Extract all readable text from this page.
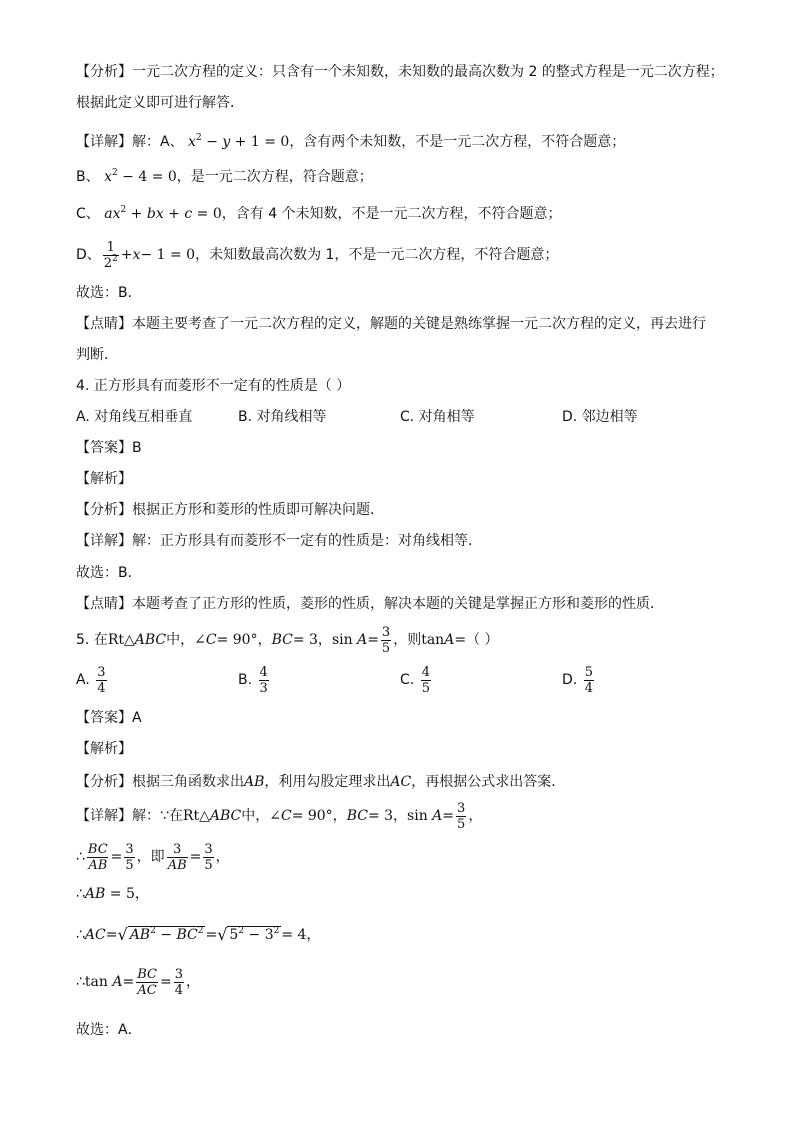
【分析】一元二次方程的定义：只含有一个未知数，未知数的最高次数为 2 的整式方程是一元二次方程；
根据此定义即可进行解答．
【详解】解：A、 $x^2 - y + 1 = 0$，含有两个未知数，不是一元二次方程，不符合题意；
B、 $x^2 - 4 = 0$，是一元二次方程，符合题意；
C、 $ax^2$ + bx + c = 0，含有 4 个未知数，不是一元二次方程，不符合题意；
D、 $\frac{1}{2^2} + x - 1 = 0$ ，未知数最高次数为 1，不是一元二次方程，不符合题意；
故选：B．
【点睛】本题主要考查了一元二次方程的定义，解题的关键是熟练掌握一元二次方程的定义，再去进行
判断．
4. 正方形具有而菱形不一定有的性质是（ ）
A. 对角线互相垂直	B. 对角线相等	C. 对角相等	D. 邻边相等
【答案】B
【解析】
【分析】根据正方形和菱形的性质即可解决问题．
【详解】解：正方形具有而菱形不一定有的性质是：对角线相等．
故选：B．
【点睛】本题考查了正方形的性质，菱形的性质，解决本题的关键是掌握正方形和菱形的性质．
5. 在 Rt△ ABC 中， ∠ C = 90°， BC = 3， $\sin A = \frac{3}{5}$ ，则 tan A = （ ）
A.
$\frac{3}{4}$	B.
$\frac{4}{3}$	C.
$\frac{4}{5}$	D.
$\frac{5}{4}$
【答案】A
【解析】
【分析】根据三角函数求出AB，利用勾股定理求出AC，再根据公式求出答案．
【详解】 解：∵在 Rt△ ABC 中， ∠ C = 90°， BC = 3， $\sin A = \frac{3}{5}$ ，
∴ $\frac{BC}{AB} = \frac{3}{5}$ ，即 $\frac{3}{AB} = \frac{3}{5}$ ，
∴AB = 5，
∴ AC = √ $AB^2 - BC^2$ = √ $5^2 - 3^2 = 4$，
∴ $\tan A = \frac{BC}{AC} = \frac{3}{4}$ ，
故选：A．
